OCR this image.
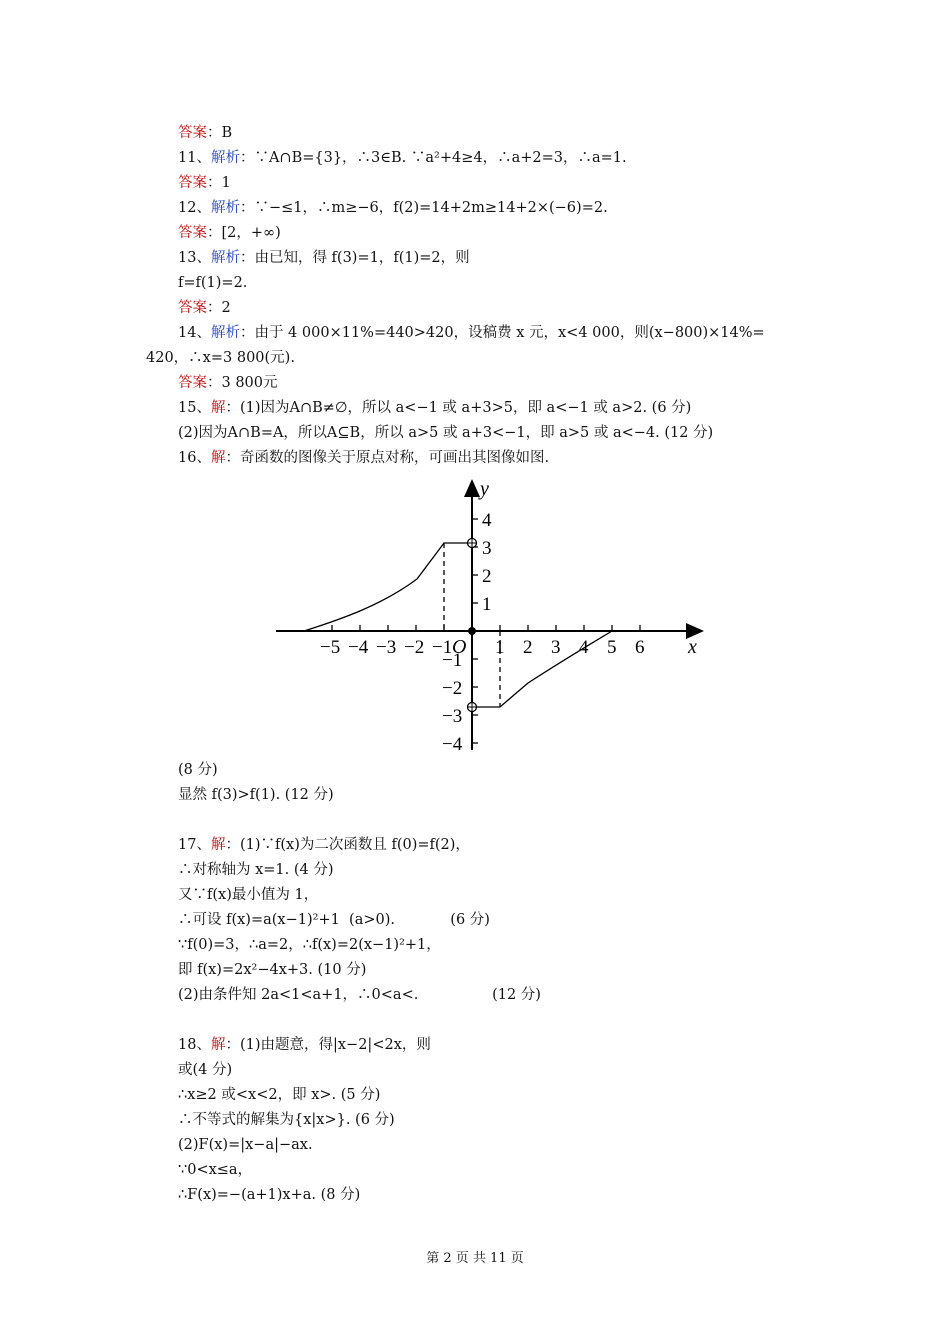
答案：B
11、解析：∵A∩B={3}，∴3∈B. ∵a²+4≥4，∴a+2=3，∴a=1.
答案：1
12、解析：∵−≤1，∴m≥−6，f(2)=14+2m≥14+2×(−6)=2.
答案：[2，+∞)
13、解析：由已知，得 f(3)=1，f(1)=2，则
f=f(1)=2.
答案：2
14、解析：由于 4 000×11%=440>420，设稿费 x 元，x<4 000，则(x−800)×14%=
420，∴x=3 800(元).
答案：3 800元
15、解：(1)因为A∩B≠∅，所以 a<−1 或 a+3>5，即 a<−1 或 a>2. (6 分)
(2)因为A∩B=A，所以A⊆B，所以 a>5 或 a+3<−1，即 a>5 或 a<−4. (12 分)
16、解：奇函数的图像关于原点对称，可画出其图像如图.
(8 分)
显然 f(3)>f(1). (12 分)
17、解：(1)∵f(x)为二次函数且 f(0)=f(2)，
∴对称轴为 x=1. (4 分)
又∵f(x)最小值为 1，
∴可设 f(x)=a(x−1)²+1  (a>0).            (6 分)
∵f(0)=3，∴a=2，∴f(x)=2(x−1)²+1，
即 f(x)=2x²−4x+3. (10 分)
(2)由条件知 2a<1<a+1，∴0<a<.                (12 分)
18、解：(1)由题意，得|x−2|<2x，则
或(4 分)
∴x≥2 或<x<2，即 x>. (5 分)
∴不等式的解集为{x|x>}. (6 分)
(2)F(x)=|x−a|−ax.
∵0<x≤a，
∴F(x)=−(a+1)x+a. (8 分)
y
x
O
−5 −4 −3 −2 −1 1 2 3 4 5 6
4
3
2
1
−1
−2
−3
−4
第 2 页 共 11 页
